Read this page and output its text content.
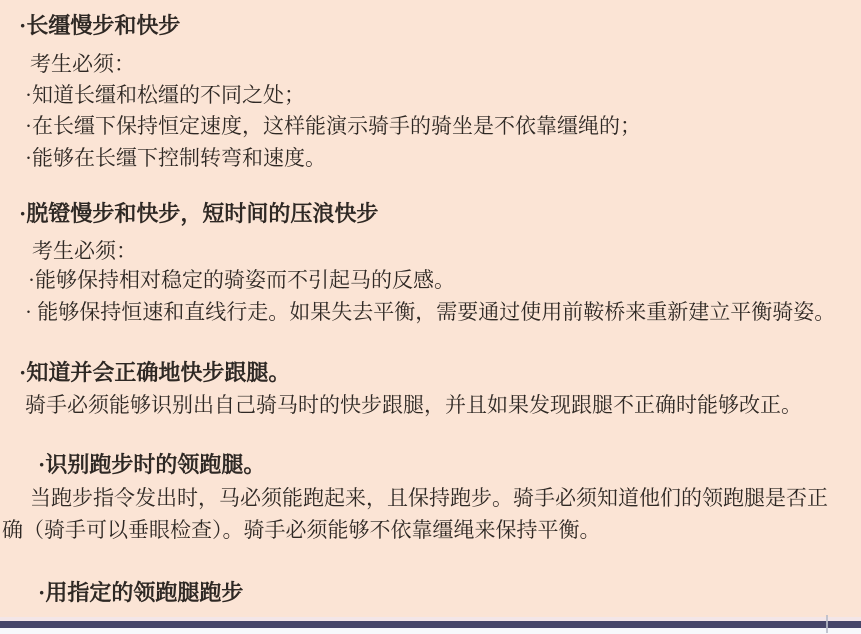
·长缰慢步和快步
考生必须：
·知道长缰和松缰的不同之处；
·在长缰下保持恒定速度，这样能演示骑手的骑坐是不依靠缰绳的；
·能够在长缰下控制转弯和速度。
·脱镫慢步和快步，短时间的压浪快步
考生必须：
·能够保持相对稳定的骑姿而不引起马的反感。
· 能够保持恒速和直线行走。如果失去平衡，需要通过使用前鞍桥来重新建立平衡骑姿。
·知道并会正确地快步跟腿。
骑手必须能够识别出自己骑马时的快步跟腿，并且如果发现跟腿不正确时能够改正。
·识别跑步时的领跑腿。
当跑步指令发出时，马必须能跑起来，且保持跑步。骑手必须知道他们的领跑腿是否正
确（骑手可以垂眼检查）。骑手必须能够不依靠缰绳来保持平衡。
·用指定的领跑腿跑步
